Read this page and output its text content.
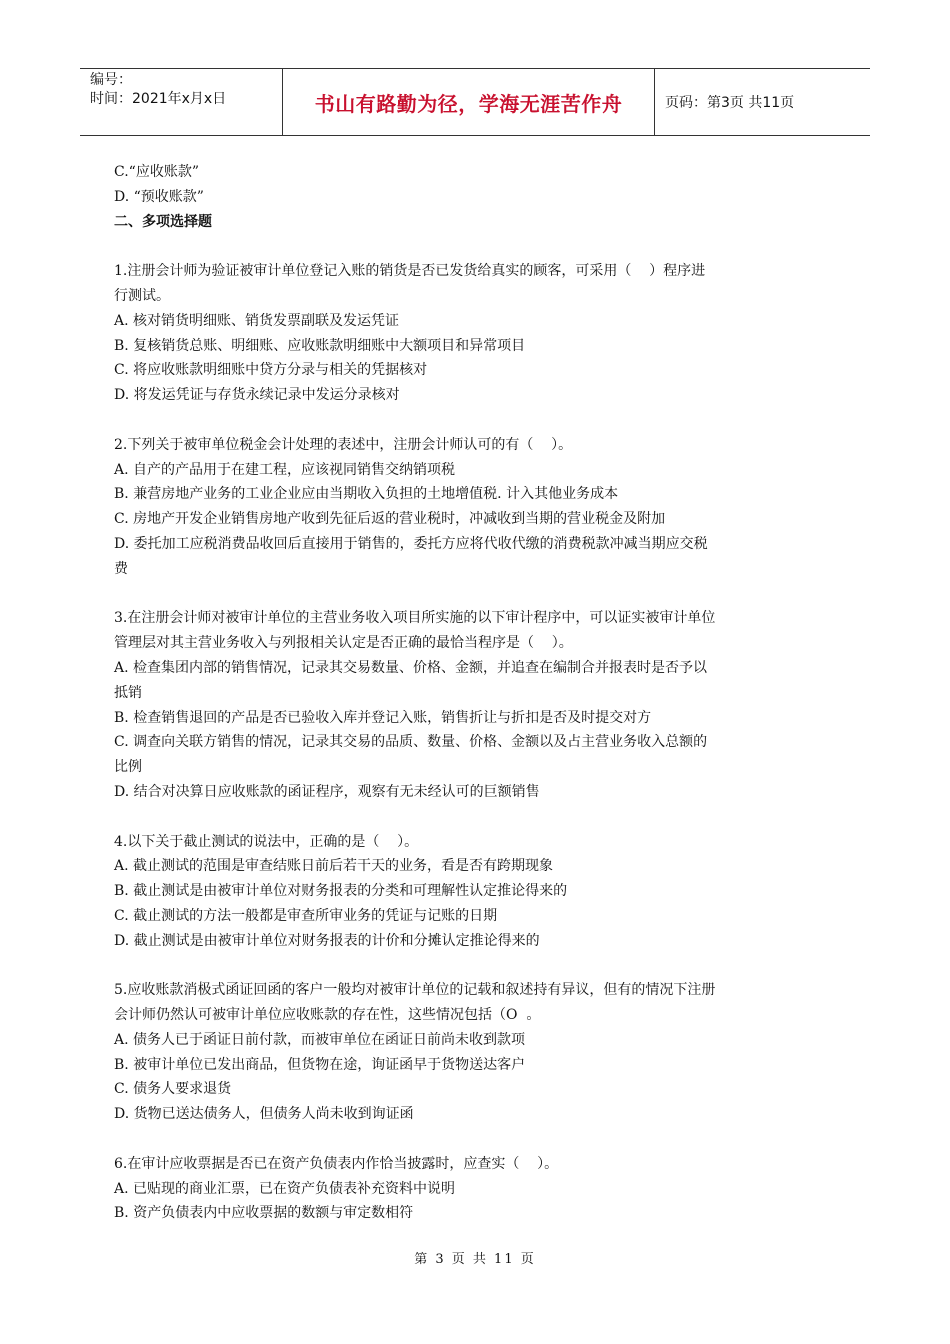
编号：
时间：2021年x月x日	书山有路勤为径，学海无涯苦作舟	页码：第3页 共11页
C.“应收账款”
D. “预收账款”
二、多项选择题
1.注册会计师为验证被审计单位登记入账的销货是否已发货给真实的顾客，可采用（    ）程序进
行测试。
A. 核对销货明细账、销货发票副联及发运凭证
B. 复核销货总账、明细账、应收账款明细账中大额项目和异常项目
C. 将应收账款明细账中贷方分录与相关的凭据核对
D. 将发运凭证与存货永续记录中发运分录核对
2.下列关于被审单位税金会计处理的表述中，注册会计师认可的有（    ）。
A. 自产的产品用于在建工程，应该视同销售交纳销项税
B. 兼营房地产业务的工业企业应由当期收入负担的土地增值税. 计入其他业务成本
C. 房地产开发企业销售房地产收到先征后返的营业税时，冲减收到当期的营业税金及附加
D. 委托加工应税消费品收回后直接用于销售的，委托方应将代收代缴的消费税款冲减当期应交税
费
3.在注册会计师对被审计单位的主营业务收入项目所实施的以下审计程序中，可以证实被审计单位
管理层对其主营业务收入与列报相关认定是否正确的最恰当程序是（    ）。
A. 检查集团内部的销售情况，记录其交易数量、价格、金额，并追查在编制合并报表时是否予以
抵销
B. 检查销售退回的产品是否已验收入库并登记入账，销售折让与折扣是否及时提交对方
C. 调查向关联方销售的情况，记录其交易的品质、数量、价格、金额以及占主营业务收入总额的
比例
D. 结合对决算日应收账款的函证程序，观察有无未经认可的巨额销售
4.以下关于截止测试的说法中，正确的是（    ）。
A. 截止测试的范围是审查结账日前后若干天的业务，看是否有跨期现象
B. 截止测试是由被审计单位对财务报表的分类和可理解性认定推论得来的
C. 截止测试的方法一般都是审查所审业务的凭证与记账的日期
D. 截止测试是由被审计单位对财务报表的计价和分摊认定推论得来的
5.应收账款消极式函证回函的客户一般均对被审计单位的记载和叙述持有异议，但有的情况下注册
会计师仍然认可被审计单位应收账款的存在性，这些情况包括（O  。
A. 债务人已于函证日前付款，而被审单位在函证日前尚未收到款项
B. 被审计单位已发出商品，但货物在途，询证函早于货物送达客户
C. 债务人要求退货
D. 货物已送达债务人，但债务人尚未收到询证函
6.在审计应收票据是否已在资产负债表内作恰当披露时，应查实（    ）。
A. 已贴现的商业汇票，已在资产负债表补充资料中说明
B. 资产负债表内中应收票据的数额与审定数相符
第 3 页 共 11 页
